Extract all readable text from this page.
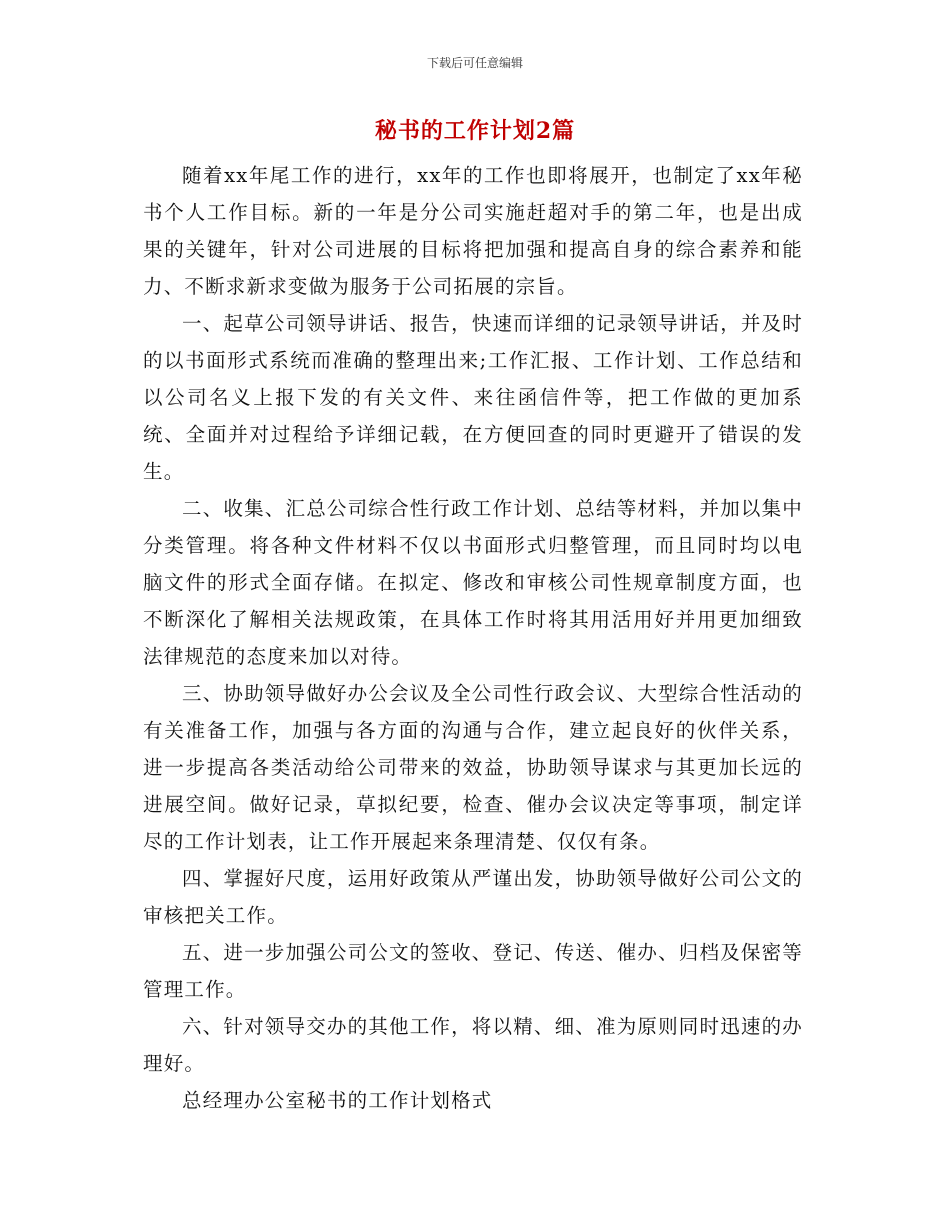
下载后可任意编辑
秘书的工作计划2篇

随着xx年尾工作的进行，xx年的工作也即将展开，也制定了xx年秘书个人工作目标。新的一年是分公司实施赶超对手的第二年，也是出成果的关键年，针对公司进展的目标将把加强和提高自身的综合素养和能力、不断求新求变做为服务于公司拓展的宗旨。

一、起草公司领导讲话、报告，快速而详细的记录领导讲话，并及时的以书面形式系统而准确的整理出来;工作汇报、工作计划、工作总结和以公司名义上报下发的有关文件、来往函信件等，把工作做的更加系统、全面并对过程给予详细记载，在方便回查的同时更避开了错误的发生。

二、收集、汇总公司综合性行政工作计划、总结等材料，并加以集中分类管理。将各种文件材料不仅以书面形式归整管理，而且同时均以电脑文件的形式全面存储。在拟定、修改和审核公司性规章制度方面，也不断深化了解相关法规政策，在具体工作时将其用活用好并用更加细致法律规范的态度来加以对待。

三、协助领导做好办公会议及全公司性行政会议、大型综合性活动的有关准备工作，加强与各方面的沟通与合作，建立起良好的伙伴关系，进一步提高各类活动给公司带来的效益，协助领导谋求与其更加长远的进展空间。做好记录，草拟纪要，检查、催办会议决定等事项，制定详尽的工作计划表，让工作开展起来条理清楚、仅仅有条。

四、掌握好尺度，运用好政策从严谨出发，协助领导做好公司公文的审核把关工作。

五、进一步加强公司公文的签收、登记、传送、催办、归档及保密等管理工作。

六、针对领导交办的其他工作，将以精、细、准为原则同时迅速的办理好。

总经理办公室秘书的工作计划格式
